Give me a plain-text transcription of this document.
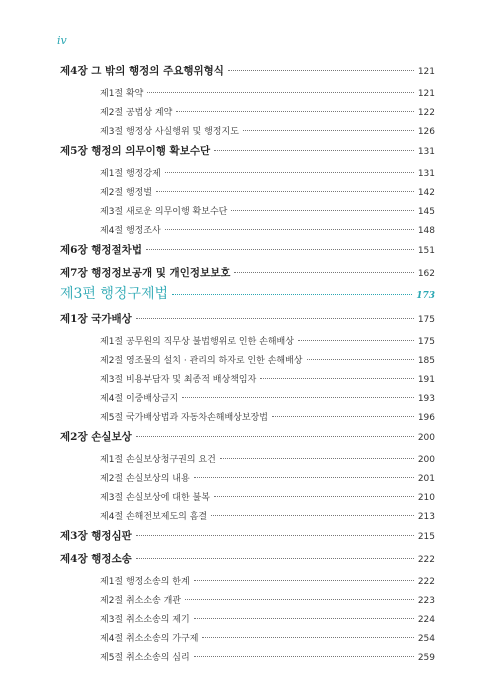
iv
제4장 그 밖의 행정의 주요행위형식	121
제1절 확약	121
제2절 공법상 계약	122
제3절 행정상 사실행위 및 행정지도	126
제5장 행정의 의무이행 확보수단	131
제1절 행정강제	131
제2절 행정벌	142
제3절 새로운 의무이행 확보수단	145
제4절 행정조사	148
제6장 행정절차법	151
제7장 행정정보공개 및 개인정보보호	162
제3편 행정구제법	173
제1장 국가배상	175
제1절 공무원의 직무상 불법행위로 인한 손해배상	175
제2절 영조물의 설치 · 관리의 하자로 인한 손해배상	185
제3절 비용부담자 및 최종적 배상책임자	191
제4절 이중배상금지	193
제5절 국가배상법과 자동차손해배상보장법	196
제2장 손실보상	200
제1절 손실보상청구권의 요건	200
제2절 손실보상의 내용	201
제3절 손실보상에 대한 불복	210
제4절 손해전보제도의 흠결	213
제3장 행정심판	215
제4장 행정소송	222
제1절 행정소송의 한계	222
제2절 취소소송 개관	223
제3절 취소소송의 제기	224
제4절 취소소송의 가구제	254
제5절 취소소송의 심리	259
